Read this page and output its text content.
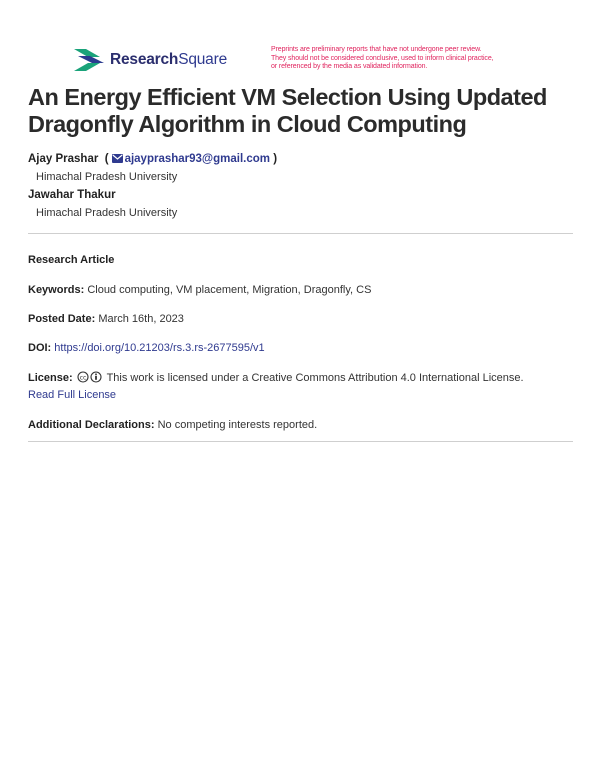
ResearchSquare
Preprints are preliminary reports that have not undergone peer review.
They should not be considered conclusive, used to inform clinical practice,
or referenced by the media as validated information.
An Energy Efficient VM Selection Using Updated
Dragonfly Algorithm in Cloud Computing
Ajay Prashar  ( ajayprashar93@gmail.com )
Himachal Pradesh University
Jawahar Thakur
Himachal Pradesh University
Research Article
Keywords: Cloud computing, VM placement, Migration, Dragonfly, CS
Posted Date: March 16th, 2023
DOI: https://doi.org/10.21203/rs.3.rs-2677595/v1
License: cc This work is licensed under a Creative Commons Attribution 4.0 International License.
Read Full License
Additional Declarations: No competing interests reported.
